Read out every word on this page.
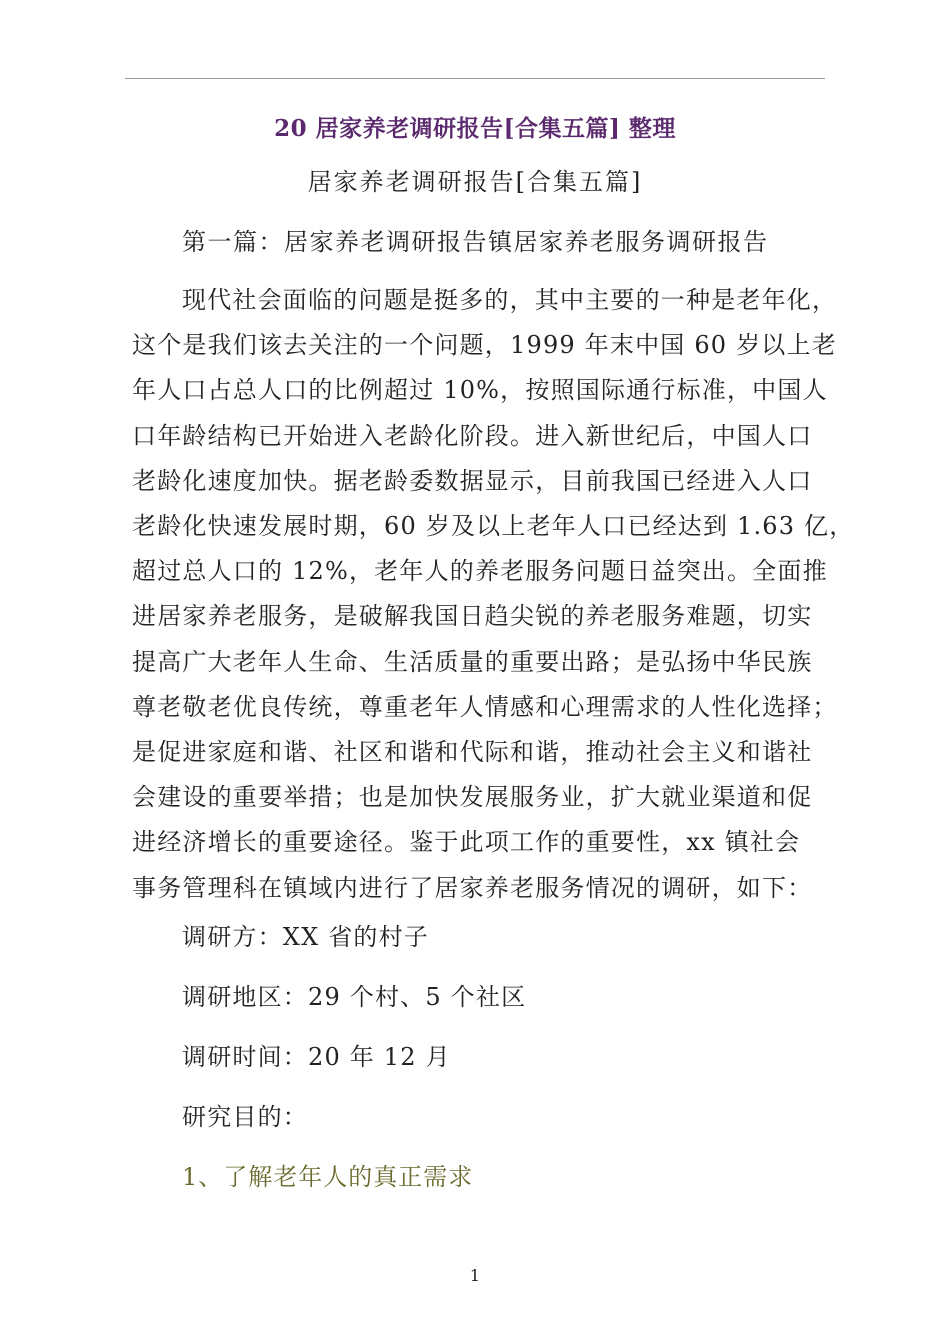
20 居家养老调研报告[合集五篇] 整理
居家养老调研报告[合集五篇]
第一篇：居家养老调研报告镇居家养老服务调研报告
现代社会面临的问题是挺多的，其中主要的一种是老年化，
这个是我们该去关注的一个问题，1999 年末中国 60 岁以上老
年人口占总人口的比例超过 10%，按照国际通行标准，中国人
口年龄结构已开始进入老龄化阶段。进入新世纪后，中国人口
老龄化速度加快。据老龄委数据显示，目前我国已经进入人口
老龄化快速发展时期，60 岁及以上老年人口已经达到 1.63 亿，
超过总人口的 12%，老年人的养老服务问题日益突出。全面推
进居家养老服务，是破解我国日趋尖锐的养老服务难题，切实
提高广大老年人生命、生活质量的重要出路；是弘扬中华民族
尊老敬老优良传统，尊重老年人情感和心理需求的人性化选择；
是促进家庭和谐、社区和谐和代际和谐，推动社会主义和谐社
会建设的重要举措；也是加快发展服务业，扩大就业渠道和促
进经济增长的重要途径。鉴于此项工作的重要性，xx 镇社会
事务管理科在镇域内进行了居家养老服务情况的调研，如下：
调研方：XX 省的村子
调研地区：29 个村、5 个社区
调研时间：20 年 12 月
研究目的：
1、了解老年人的真正需求
1
